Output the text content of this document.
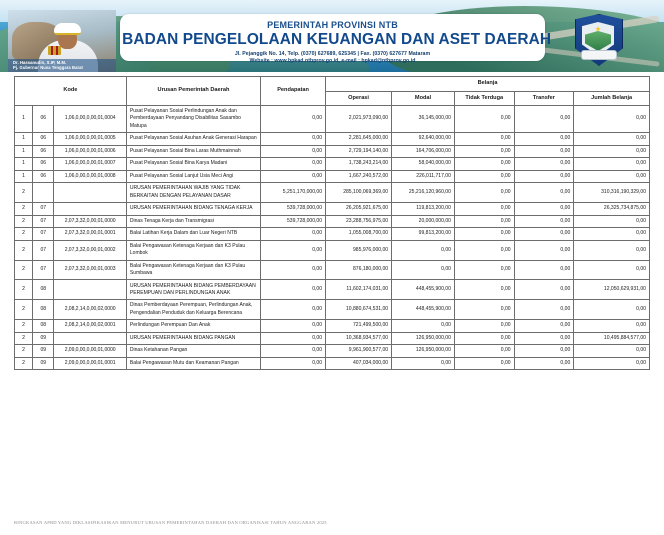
Dr. Hassanudin, S.IP, M.M.
Pj. Gubernur Nusa Tenggara Barat
PEMERINTAH PROVINSI NTB
BADAN PENGELOLAAN KEUANGAN DAN ASET DAERAH
Jl. Pejanggik No. 14, Telp. (0370) 627689, 625345 | Fax. (0370) 627677 Mataram
Website : www.bpkad.ntbprov.go.id, e-mail : bpkad@ntbprov.go.id
Kode			Urusan Pemerintah Daerah	Pendapatan	Belanja				
					Operasi	Modal	Tidak Terduga	Transfer	Jumlah Belanja
1	06	1,06,0,00,0,00,01,0004	Pusat Pelayanan Sosial Perlindungan Anak dan Pemberdayaan Penyandang Disabilitas Sasambo Matupa	0,00	2,021,973,090,00	36,145,000,00	0,00	0,00	0,00
1	06	1,06,0,00,0,00,01,0005	Pusat Pelayanan Sosial Asuhan Anak Generasi Harapan	0,00	2,281,645,000,00	92,640,000,00	0,00	0,00	0,00
1	06	1,06,0,00,0,00,01,0006	Pusat Pelayanan Sosial Bina Laras Muthmainnah	0,00	2,729,194,140,00	164,706,000,00	0,00	0,00	0,00
1	06	1,06,0,00,0,00,01,0007	Pusat Pelayanan Sosial Bina Karya Madani	0,00	1,738,243,214,00	58,040,000,00	0,00	0,00	0,00
1	06	1,06,0,00,0,00,01,0008	Pusat Pelayanan Sosial Lanjut Usia Meci Angi	0,00	1,667,240,572,00	226,011,717,00	0,00	0,00	0,00
2			URUSAN PEMERINTAHAN WAJIB YANG TIDAK BERKAITAN DENGAN PELAYANAN DASAR	5,251,170,000,00	285,100,069,369,00	25,216,120,960,00	0,00	0,00	310,316,190,329,00
2	07		URUSAN PEMERINTAHAN BIDANG TENAGA KERJA	539,728,000,00	26,205,921,675,00	119,813,200,00	0,00	0,00	26,325,734,875,00
2	07	2,07,3,32,0,00,01,0000	Dinas Tenaga Kerja dan Transmigrasi	539,728,000,00	23,288,756,975,00	20,000,000,00	0,00	0,00	0,00
2	07	2,07,3,32,0,00,01,0001	Balai Latihan Kerja Dalam dan Luar Negeri NTB	0,00	1,055,008,700,00	99,813,200,00	0,00	0,00	0,00
2	07	2,07,3,32,0,00,01,0002	Balai Pengawasan Ketenaga Kerjaan dan K3 Pulau Lombok	0,00	985,976,000,00	0,00	0,00	0,00	0,00
2	07	2,07,3,32,0,00,01,0003	Balai Pengawasan Ketenaga Kerjaan dan K3 Pulau Sumbawa	0,00	876,180,000,00	0,00	0,00	0,00	0,00
2	08		URUSAN PEMERINTAHAN BIDANG PEMBERDAYAAN PEREMPUAN DAN PERLINDUNGAN ANAK	0,00	11,602,174,031,00	448,455,900,00	0,00	0,00	12,050,629,931,00
2	08	2,08,2,14,0,00,02,0000	Dinas Pemberdayaan Perempuan, Perlindungan Anak, Pengendalian Penduduk dan Keluarga Berencana	0,00	10,880,674,531,00	448,455,900,00	0,00	0,00	0,00
2	08	2,08,2,14,0,00,02,0001	Perlindungan Perempuan Dan Anak	0,00	721,499,500,00	0,00	0,00	0,00	0,00
2	09		URUSAN PEMERINTAHAN BIDANG PANGAN	0,00	10,368,934,577,00	126,950,000,00	0,00	0,00	10,495,884,577,00
2	09	2,09,0,00,0,00,01,0000	Dinas Ketahanan Pangan	0,00	9,961,900,577,00	126,950,000,00	0,00	0,00	0,00
2	09	2,09,0,00,0,00,01,0001	Balai Pengawasan Mutu dan Keamanan Pangan	0,00	407,034,000,00	0,00	0,00	0,00	0,00
RINGKASAN APBD YANG DIKLASIFIKASIKAN MENURUT URUSAN PEMERINTAHAN DAERAH DAN ORGANISASI TAHUN ANGGARAN 2025
